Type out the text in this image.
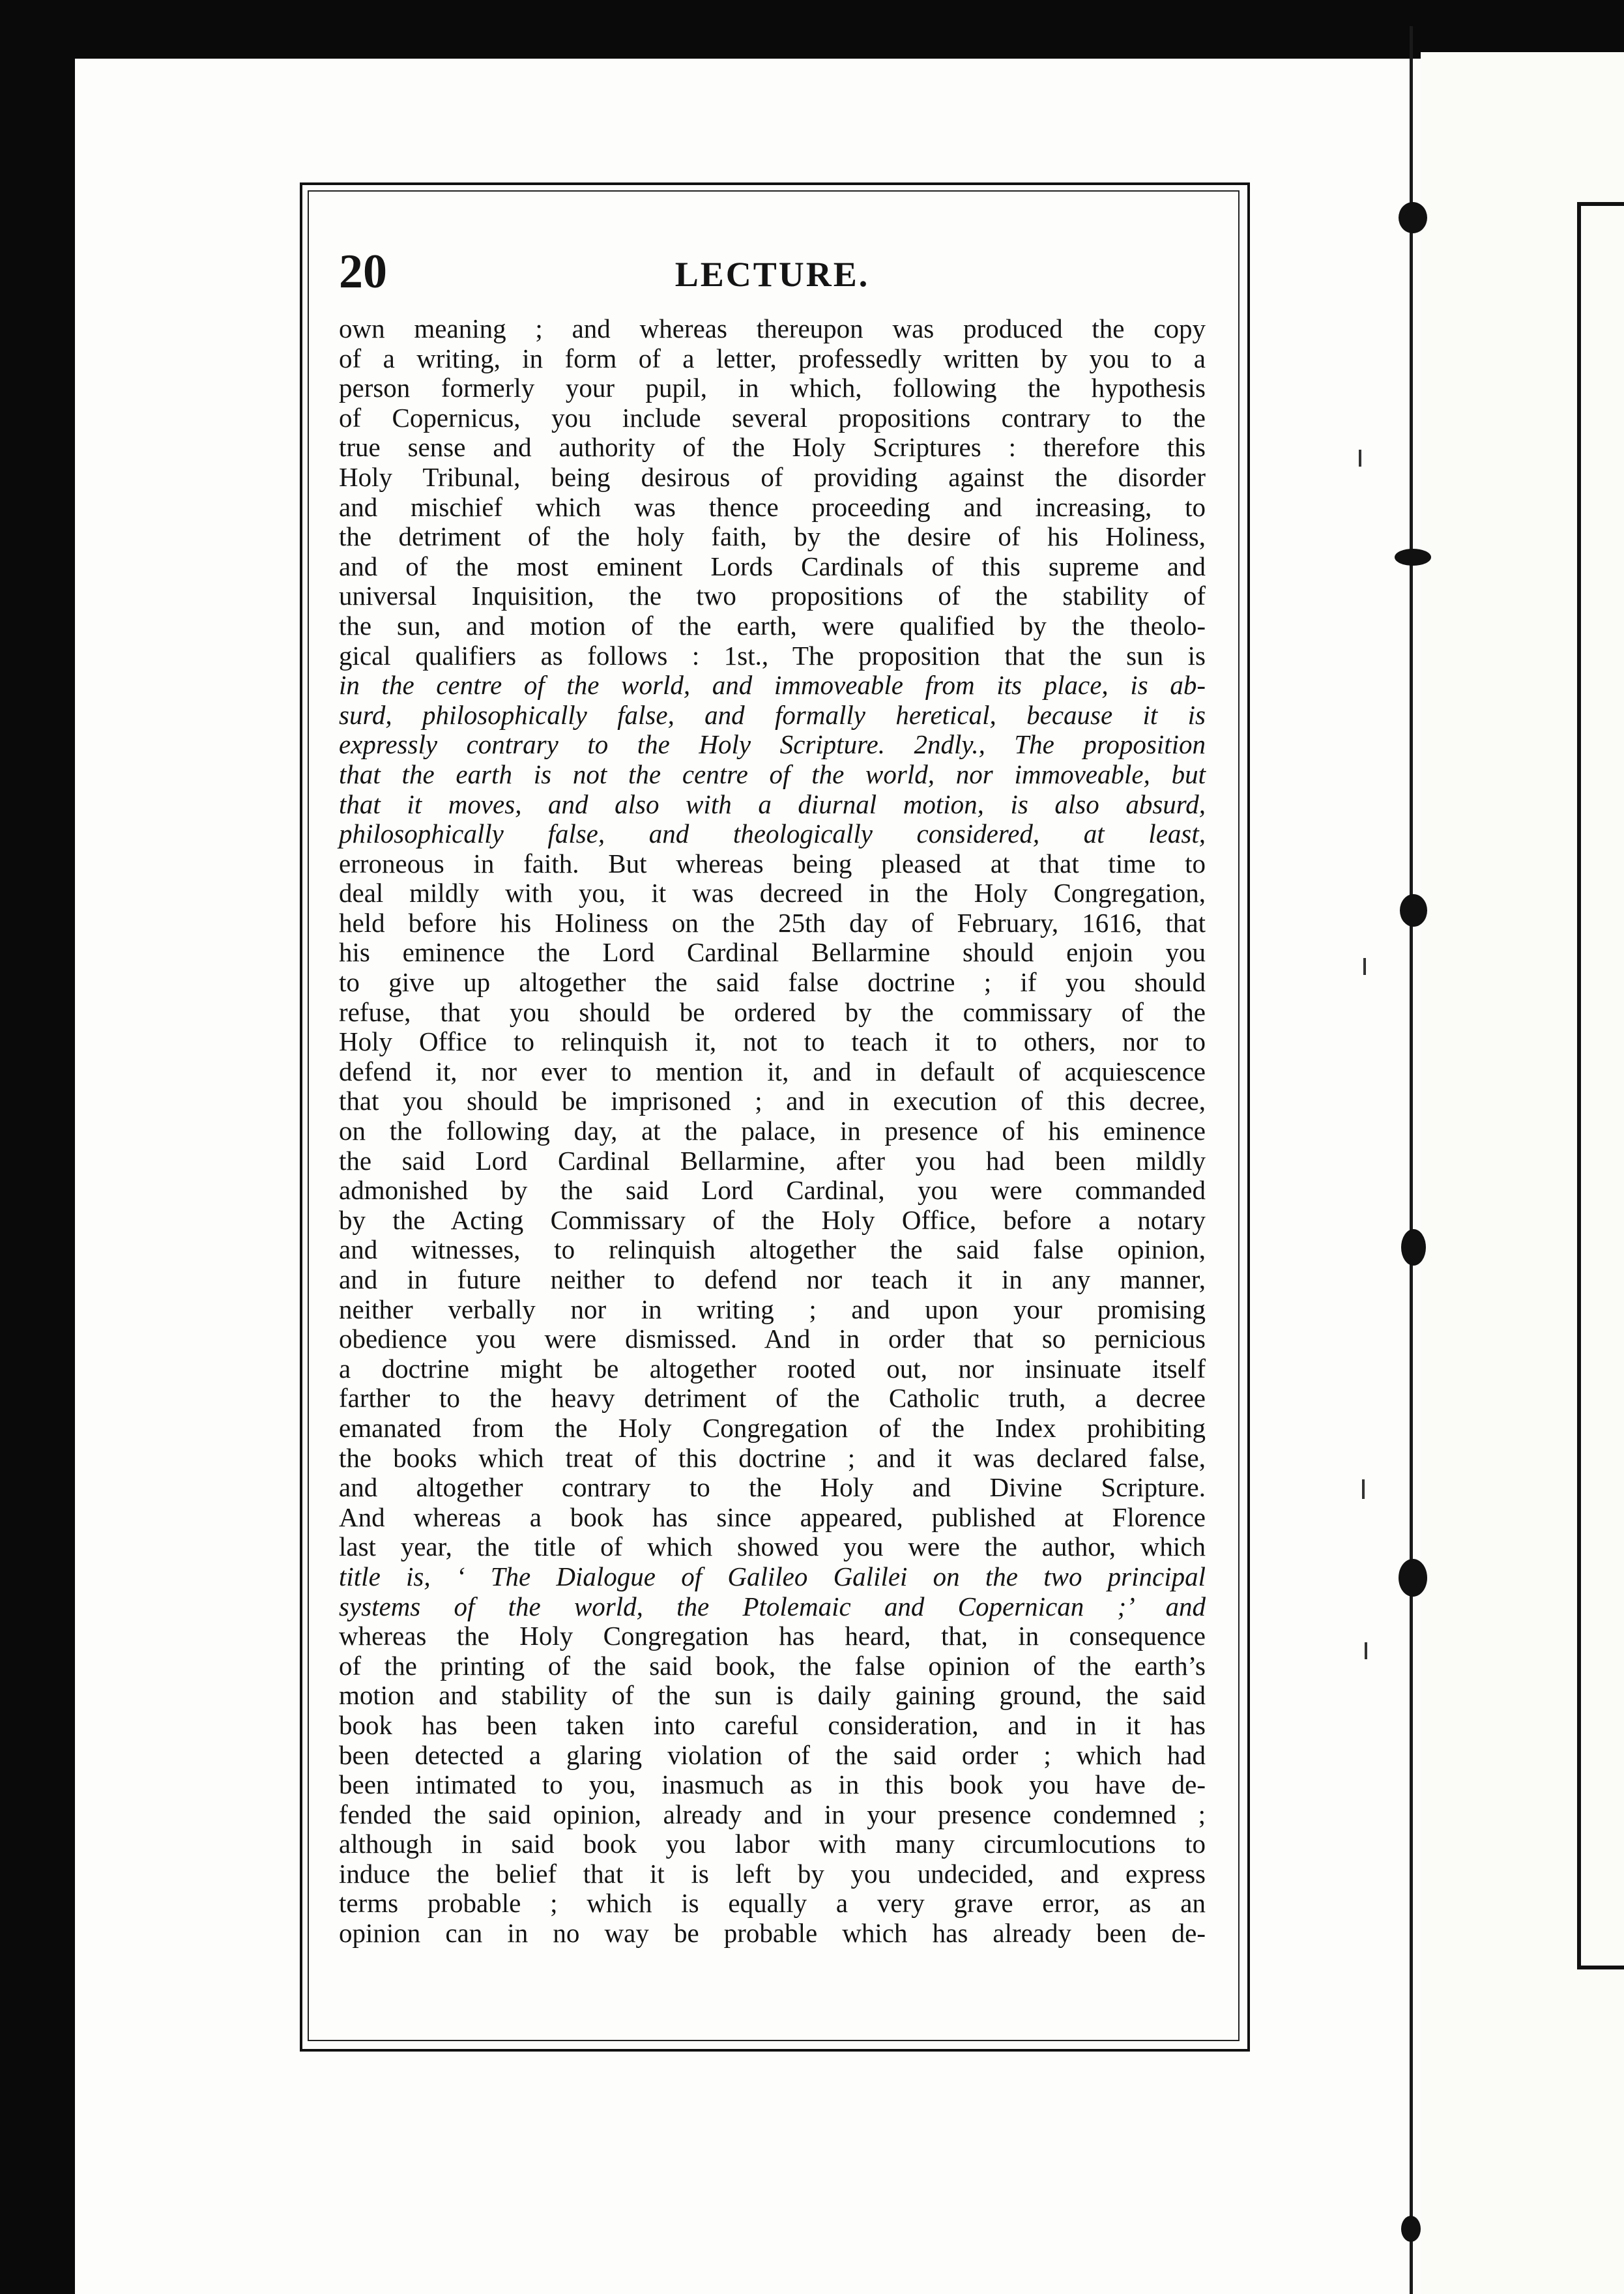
20	LECTURE.
own meaning ; and whereas thereupon was produced the copy
of a writing, in form of a letter, professedly written by you to a
person formerly your pupil, in which, following the hypothesis
of Copernicus, you include several propositions contrary to the
true sense and authority of the Holy Scriptures : therefore this
Holy Tribunal, being desirous of providing against the disorder
and mischief which was thence proceeding and increasing, to
the detriment of the holy faith, by the desire of his Holiness,
and of the most eminent Lords Cardinals of this supreme and
universal Inquisition, the two propositions of the stability of
the sun, and motion of the earth, were qualified by the theolo-
gical qualifiers as follows : 1st., The proposition that the sun is
in the centre of the world, and immoveable from its place, is ab-
surd, philosophically false, and formally heretical, because it is
expressly contrary to the Holy Scripture. 2ndly., The proposition
that the earth is not the centre of the world, nor immoveable, but
that it moves, and also with a diurnal motion, is also absurd,
philosophically false, and theologically considered, at least,
erroneous in faith. But whereas being pleased at that time to
deal mildly with you, it was decreed in the Holy Congregation,
held before his Holiness on the 25th day of February, 1616, that
his eminence the Lord Cardinal Bellarmine should enjoin you
to give up altogether the said false doctrine ; if you should
refuse, that you should be ordered by the commissary of the
Holy Office to relinquish it, not to teach it to others, nor to
defend it, nor ever to mention it, and in default of acquiescence
that you should be imprisoned ; and in execution of this decree,
on the following day, at the palace, in presence of his eminence
the said Lord Cardinal Bellarmine, after you had been mildly
admonished by the said Lord Cardinal, you were commanded
by the Acting Commissary of the Holy Office, before a notary
and witnesses, to relinquish altogether the said false opinion,
and in future neither to defend nor teach it in any manner,
neither verbally nor in writing ; and upon your promising
obedience you were dismissed. And in order that so pernicious
a doctrine might be altogether rooted out, nor insinuate itself
farther to the heavy detriment of the Catholic truth, a decree
emanated from the Holy Congregation of the Index prohibiting
the books which treat of this doctrine ; and it was declared false,
and altogether contrary to the Holy and Divine Scripture.
And whereas a book has since appeared, published at Florence
last year, the title of which showed you were the author, which
title is, ‘ The Dialogue of Galileo Galilei on the two principal
systems of the world, the Ptolemaic and Copernican ;’ and
whereas the Holy Congregation has heard, that, in consequence
of the printing of the said book, the false opinion of the earth’s
motion and stability of the sun is daily gaining ground, the said
book has been taken into careful consideration, and in it has
been detected a glaring violation of the said order ; which had
been intimated to you, inasmuch as in this book you have de-
fended the said opinion, already and in your presence condemned ;
although in said book you labor with many circumlocutions to
induce the belief that it is left by you undecided, and express
terms probable ; which is equally a very grave error, as an
opinion can in no way be probable which has already been de-
